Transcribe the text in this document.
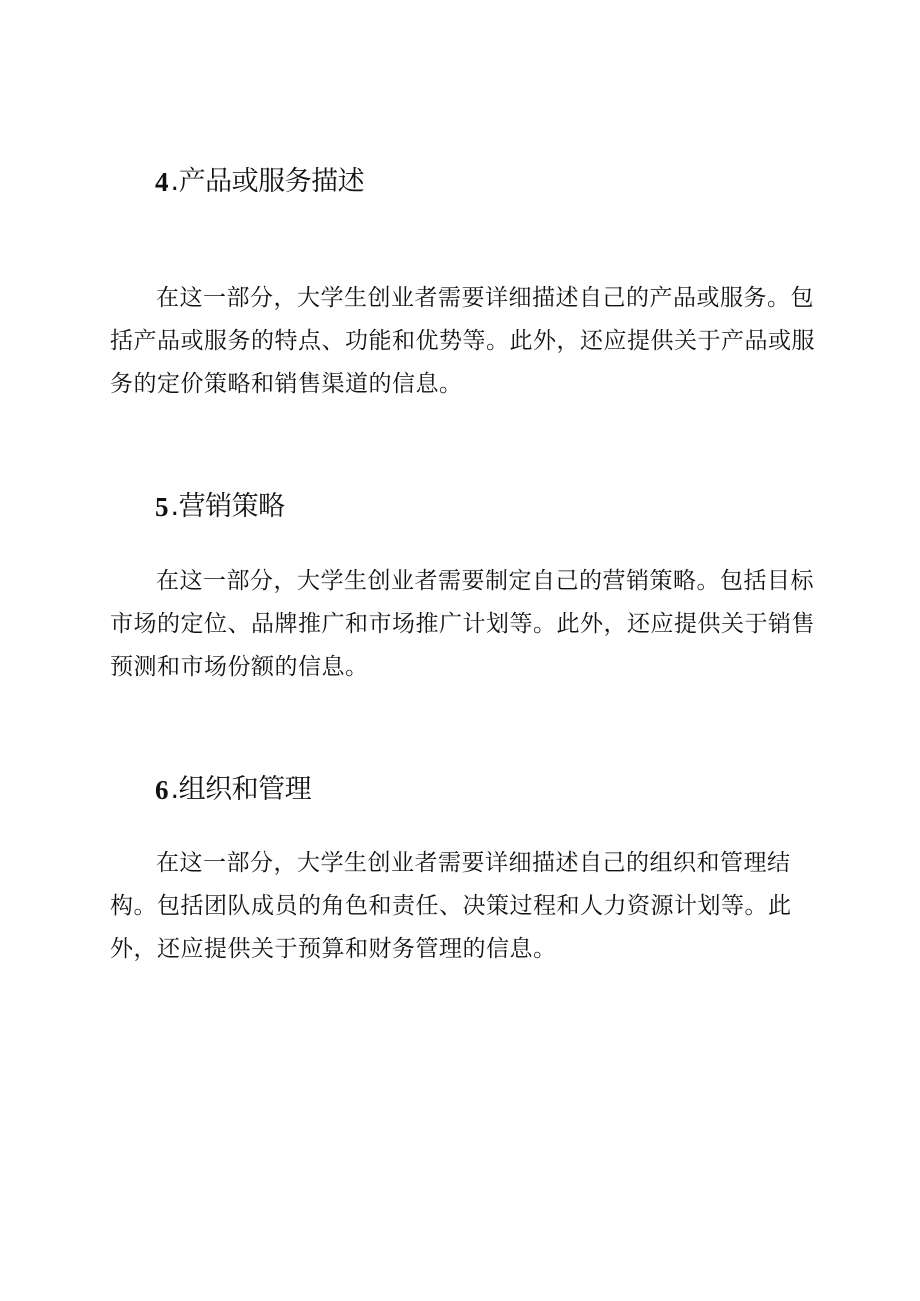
4 .产品或服务描述

在这一部分，大学生创业者需要详细描述自己的产品或服务。包括产品或服务的特点、功能和优势等。此外，还应提供关于产品或服务的定价策略和销售渠道的信息。

5 .营销策略

在这一部分，大学生创业者需要制定自己的营销策略。包括目标市场的定位、品牌推广和市场推广计划等。此外，还应提供关于销售预测和市场份额的信息。

6 .组织和管理

在这一部分，大学生创业者需要详细描述自己的组织和管理结构。包括团队成员的角色和责任、决策过程和人力资源计划等。此外，还应提供关于预算和财务管理的信息。
